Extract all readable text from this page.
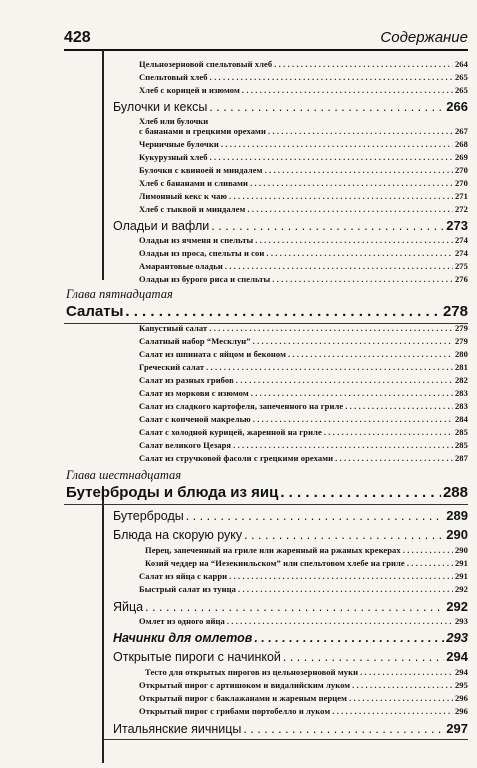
428	Содержание
Цельнозерновой спельтовый хлеб . . .	264
Спельтовый хлеб . . .	265
Хлеб с корицей и изюмом . . .	265
Булочки и кексы . . .	266
Хлеб или булочки
с бананами и грецкими орехами . . .	267
Черничные булочки . . .	268
Кукурузный хлеб . . .	269
Булочки с квиноей и миндалем . . .	270
Хлеб с бананами и сливами . . .	270
Лимонный кекс к чаю . . .	271
Хлеб с тыквой и миндалем . . .	272
Оладьи и вафли . . .	273
Оладьи из ячменя и спельты . . .	274
Оладьи из проса, спельты и сои . . .	274
Амарантовые оладьи . . .	275
Оладьи из бурого риса и спельты . . .	276
Глава пятнадцатая
Салаты . . .	278
Капустный салат . . .	279
Салатный набор “Месклун” . . .	279
Салат из шпината с яйцом и беконом . . .	280
Греческий салат . . .	281
Салат из разных грибов . . .	282
Салат из моркови с изюмом . . .	283
Салат из сладкого картофеля, запеченного на гриле . . .	283
Салат с копченой макрелью . . .	284
Салат с холодной курицей, жаренной на гриле . . .	285
Салат великого Цезаря . . .	285
Салат из стручковой фасоли с грецкими орехами . . .	287
Глава шестнадцатая
Бутерброды и блюда из яиц . . .	288
Бутерброды . . .	289
Блюда на скорую руку . . .	290
Перец, запеченный на гриле или жаренный на ржаных крекерах . . .	290
Козий чеддер на “Иезекиильском” или спельтовом хлебе на гриле . . .	291
Салат из яйца с карри . . .	291
Быстрый салат из тунца . . .	292
Яйца . . .	292
Омлет из одного яйца . . .	293
Начинки для омлетов . . .	293
Открытые пироги с начинкой . . .	294
Тесто для открытых пирогов из цельнозерновой муки . . .	294
Открытый пирог с артишоком и видалийским луком . . .	295
Открытый пирог с баклажанами и жареным перцем . . .	296
Открытый пирог с грибами портобелло и луком . . .	296
Итальянские яичницы . . .	297
